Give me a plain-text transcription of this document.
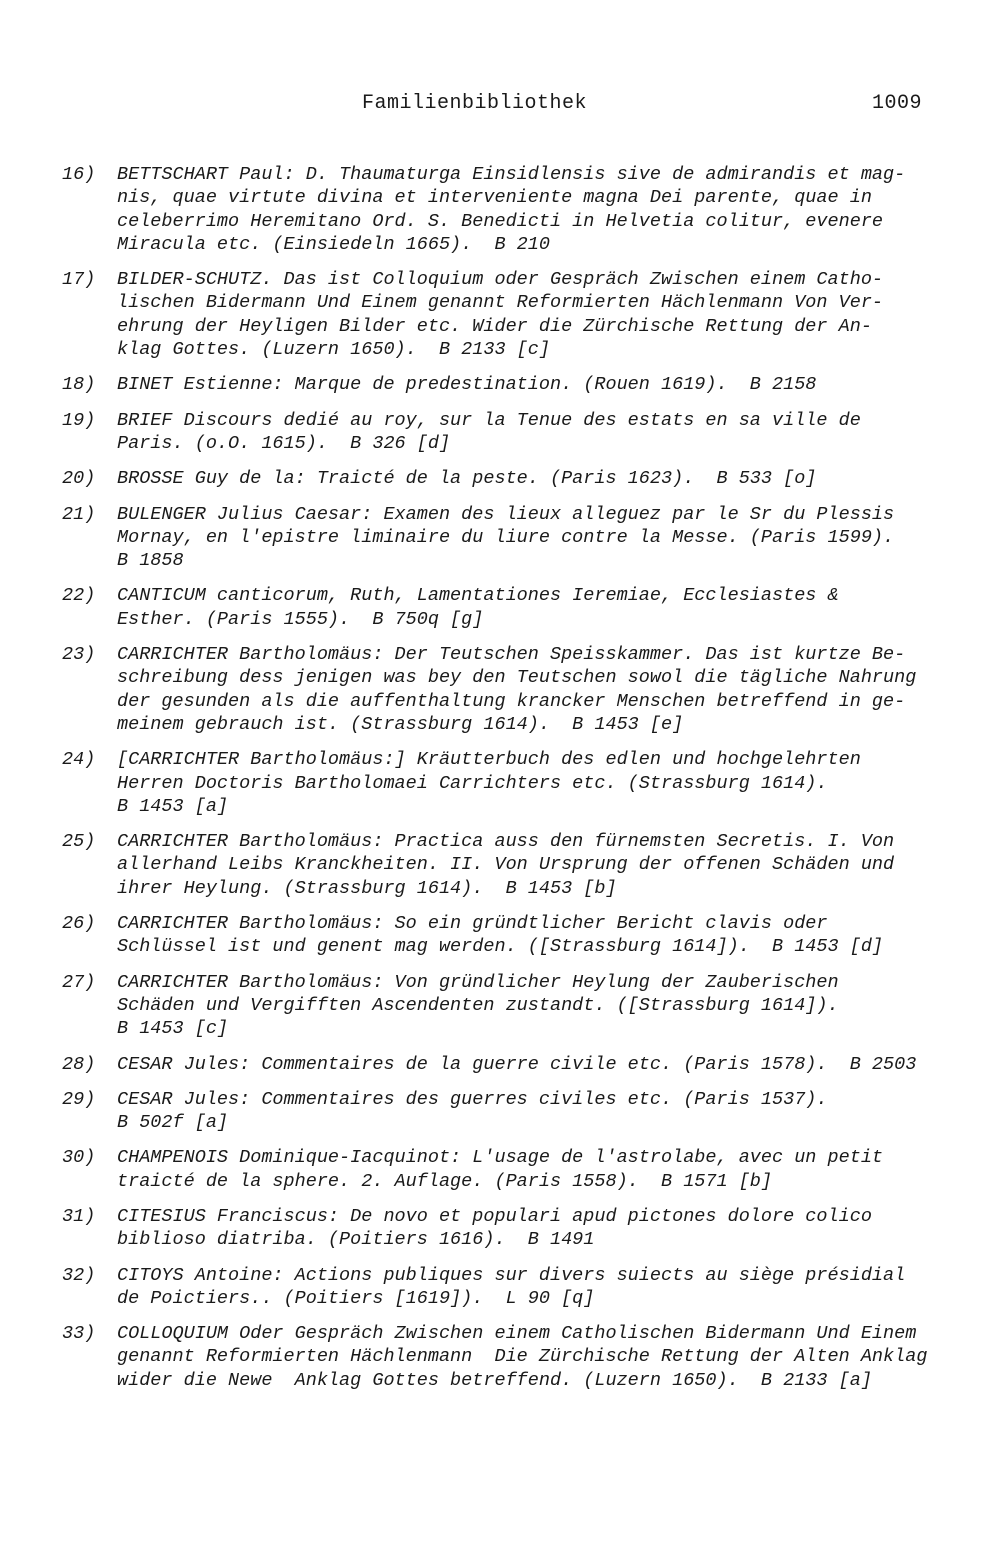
Familienbibliothek	1009
16)	BETTSCHART Paul: D. Thaumaturga Einsidlensis sive de admirandis et mag-
nis, quae virtute divina et interveniente magna Dei parente, quae in
celeberrimo Heremitano Ord. S. Benedicti in Helvetia colitur, evenere
Miracula etc. (Einsiedeln 1665).  B 210
17)	BILDER-SCHUTZ. Das ist Colloquium oder Gespräch Zwischen einem Catho-
lischen Bidermann Und Einem genannt Reformierten Hächlenmann Von Ver-
ehrung der Heyligen Bilder etc. Wider die Zürchische Rettung der An-
klag Gottes. (Luzern 1650).  B 2133 [c]
18)	BINET Estienne: Marque de predestination. (Rouen 1619).  B 2158
19)	BRIEF Discours dedié au roy, sur la Tenue des estats en sa ville de
Paris. (o.O. 1615).  B 326 [d]
20)	BROSSE Guy de la: Traicté de la peste. (Paris 1623).  B 533 [o]
21)	BULENGER Julius Caesar: Examen des lieux alleguez par le Sr du Plessis
Mornay, en l'epistre liminaire du liure contre la Messe. (Paris 1599).
B 1858
22)	CANTICUM canticorum, Ruth, Lamentationes Ieremiae, Ecclesiastes &
Esther. (Paris 1555).  B 750q [g]
23)	CARRICHTER Bartholomäus: Der Teutschen Speisskammer. Das ist kurtze Be-
schreibung dess jenigen was bey den Teutschen sowol die tägliche Nahrung
der gesunden als die auffenthaltung krancker Menschen betreffend in ge-
meinem gebrauch ist. (Strassburg 1614).  B 1453 [e]
24)	[CARRICHTER Bartholomäus:] Kräutterbuch des edlen und hochgelehrten
Herren Doctoris Bartholomaei Carrichters etc. (Strassburg 1614).
B 1453 [a]
25)	CARRICHTER Bartholomäus: Practica auss den fürnemsten Secretis. I. Von
allerhand Leibs Kranckheiten. II. Von Ursprung der offenen Schäden und
ihrer Heylung. (Strassburg 1614).  B 1453 [b]
26)	CARRICHTER Bartholomäus: So ein gründtlicher Bericht clavis oder
Schlüssel ist und genent mag werden. ([Strassburg 1614]).  B 1453 [d]
27)	CARRICHTER Bartholomäus: Von gründlicher Heylung der Zauberischen
Schäden und Vergifften Ascendenten zustandt. ([Strassburg 1614]).
B 1453 [c]
28)	CESAR Jules: Commentaires de la guerre civile etc. (Paris 1578).  B 2503
29)	CESAR Jules: Commentaires des guerres civiles etc. (Paris 1537).
B 502f [a]
30)	CHAMPENOIS Dominique-Iacquinot: L'usage de l'astrolabe, avec un petit
traicté de la sphere. 2. Auflage. (Paris 1558).  B 1571 [b]
31)	CITESIUS Franciscus: De novo et populari apud pictones dolore colico
biblioso diatriba. (Poitiers 1616).  B 1491
32)	CITOYS Antoine: Actions publiques sur divers suiects au siège présidial
de Poictiers.. (Poitiers [1619]).  L 90 [q]
33)	COLLOQUIUM Oder Gespräch Zwischen einem Catholischen Bidermann Und Einem
genannt Reformierten Hächlenmann  Die Zürchische Rettung der Alten Anklag
wider die Newe  Anklag Gottes betreffend. (Luzern 1650).  B 2133 [a]
